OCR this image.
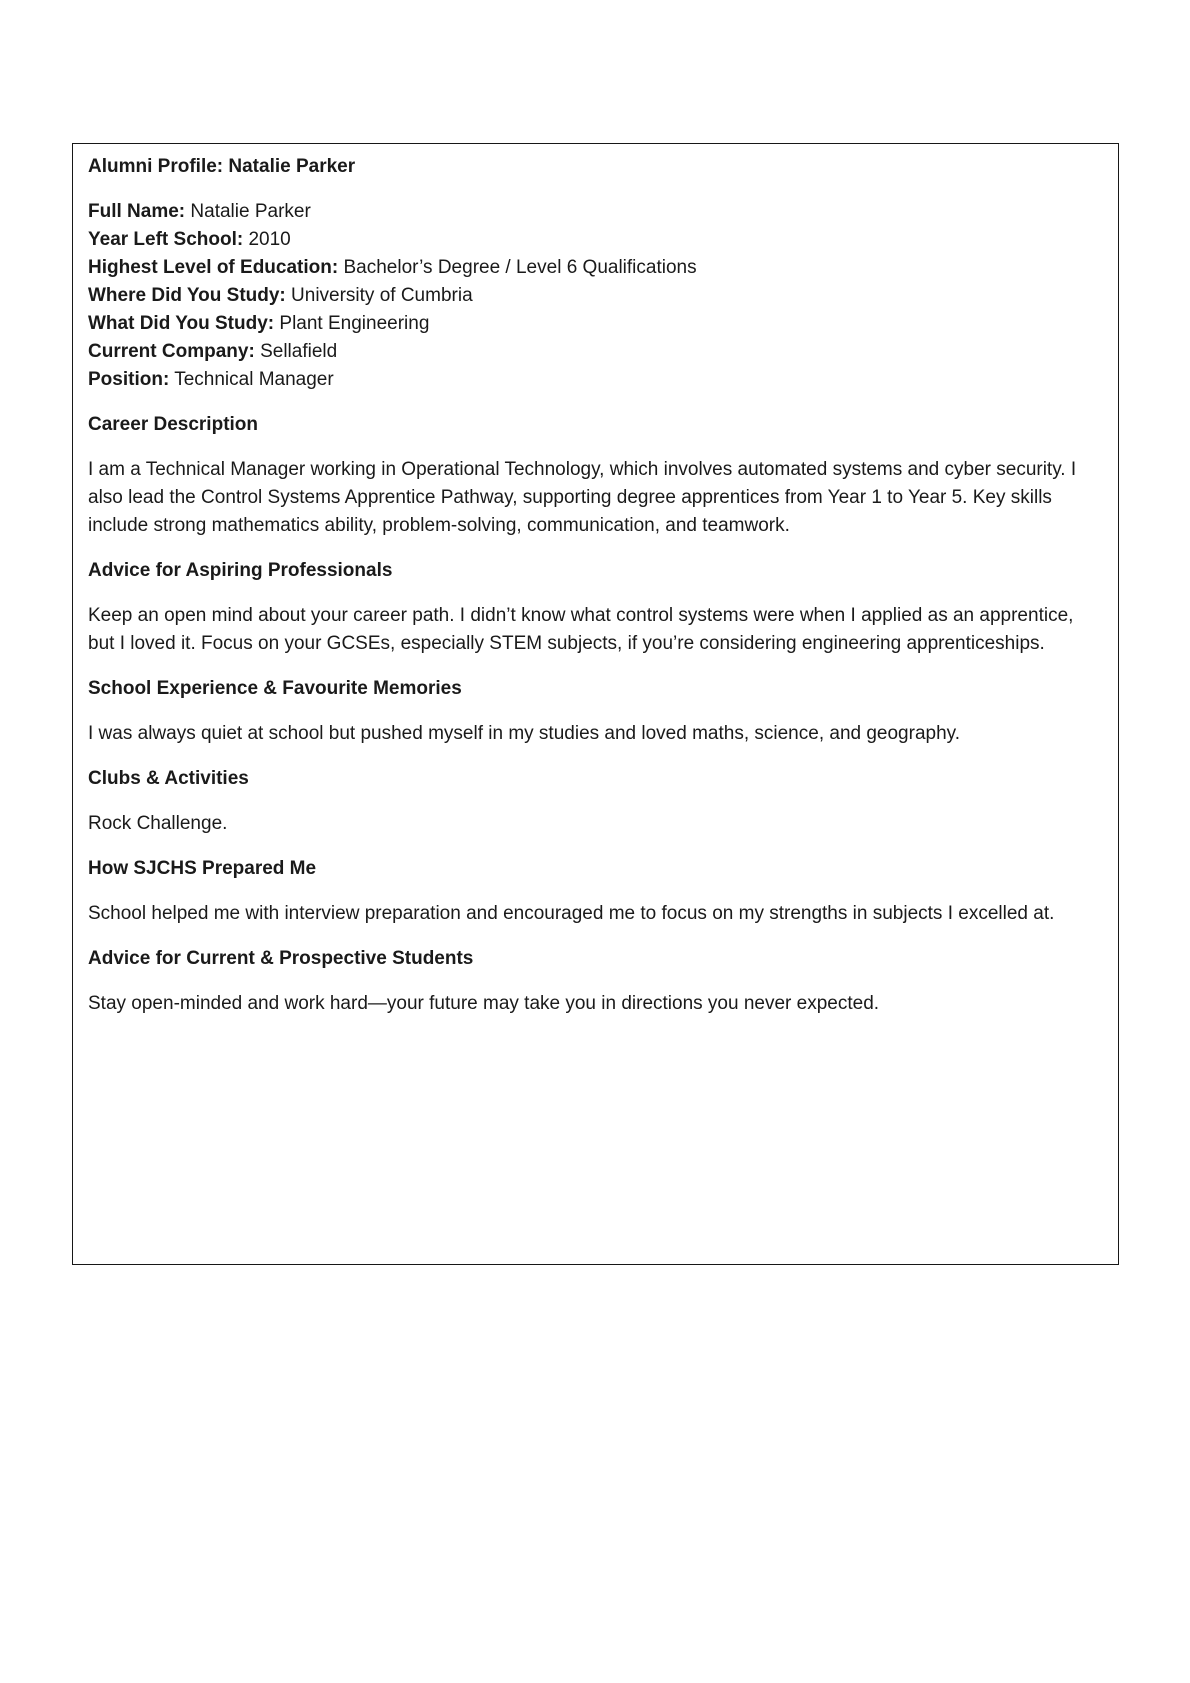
Alumni Profile: Natalie Parker

Full Name: Natalie Parker
Year Left School: 2010
Highest Level of Education: Bachelor’s Degree / Level 6 Qualifications
Where Did You Study: University of Cumbria
What Did You Study: Plant Engineering
Current Company: Sellafield
Position: Technical Manager

Career Description

I am a Technical Manager working in Operational Technology, which involves automated systems and cyber security. I also lead the Control Systems Apprentice Pathway, supporting degree apprentices from Year 1 to Year 5. Key skills include strong mathematics ability, problem-solving, communication, and teamwork.

Advice for Aspiring Professionals

Keep an open mind about your career path. I didn’t know what control systems were when I applied as an apprentice, but I loved it. Focus on your GCSEs, especially STEM subjects, if you’re considering engineering apprenticeships.

School Experience & Favourite Memories

I was always quiet at school but pushed myself in my studies and loved maths, science, and geography.

Clubs & Activities

Rock Challenge.

How SJCHS Prepared Me

School helped me with interview preparation and encouraged me to focus on my strengths in subjects I excelled at.

Advice for Current & Prospective Students

Stay open-minded and work hard—your future may take you in directions you never expected.
